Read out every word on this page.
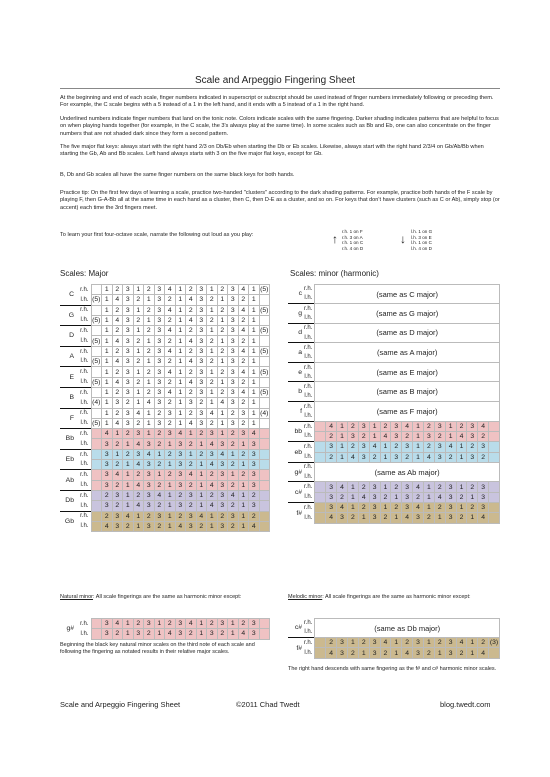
Scale and Arpeggio Fingering Sheet
At the beginning and end of each scale, finger numbers indicated in superscript or subscript should be used instead of finger numbers immediately following or preceding them. For example, the C scale begins with a 5 instead of a 1 in the left hand, and it ends with a 5 instead of a 1 in the right hand.
Underlined numbers indicate finger numbers that land on the tonic note. Colors indicate scales with the same fingering. Darker shading indicates patterns that are helpful to focus on when playing hands together (for example, in the C scale, the 3's always play at the same time). In some scales such as Bb and Eb, one can also concentrate on the finger numbers that are not shaded dark since they form a second pattern.
The five major flat keys: always start with the right hand 2/3 on Db/Eb when starting the Db or Eb scales. Likewise, always start with the right hand 2/3/4 on Gb/Ab/Bb when starting the Gb, Ab and Bb scales. Left hand always starts with 3 on the five major flat keys, except for Gb.
B, Db and Gb scales all have the same finger numbers on the same black keys for both hands.
Practice tip: On the first few days of learning a scale, practice two-handed "clusters" according to the dark shading patterns. For example, practice both hands of the F scale by playing F, then G-A-Bb all at the same time in each hand as a cluster, then C, then D-E as a cluster, and so on. For keys that don't have clusters (such as C or Ab), simply stop (or accent) each time the 3rd fingers meet.
To learn your first four-octave scale, narrate the following out loud as you play:	↑
r.h. 1 on F
r.h. 3 on A
r.h. 1 on C
r.h. 4 on D
↓
l.h. 1 on G
l.h. 3 on E
l.h. 1 on C
l.h. 4 on D
Scales: Major	Scales: minor (harmonic)
C	r.h.		1	2	3	1	2	3	4	1	2	3	1	2	3	4	1	(5)
	l.h.	(5)	1	4	3	2	1	3	2	1	4	3	2	1	3	2	1	
G	r.h.		1	2	3	1	2	3	4	1	2	3	1	2	3	4	1	(5)
	l.h.	(5)	1	4	3	2	1	3	2	1	4	3	2	1	3	2	1	
D	r.h.		1	2	3	1	2	3	4	1	2	3	1	2	3	4	1	(5)
	l.h.	(5)	1	4	3	2	1	3	2	1	4	3	2	1	3	2	1	
A	r.h.		1	2	3	1	2	3	4	1	2	3	1	2	3	4	1	(5)
	l.h.	(5)	1	4	3	2	1	3	2	1	4	3	2	1	3	2	1	
E	r.h.		1	2	3	1	2	3	4	1	2	3	1	2	3	4	1	(5)
	l.h.	(5)	1	4	3	2	1	3	2	1	4	3	2	1	3	2	1	
B	r.h.		1	2	3	1	2	3	4	1	2	3	1	2	3	4	1	(5)
	l.h.	(4)	1	3	2	1	4	3	2	1	3	2	1	4	3	2	1	
F	r.h.		1	2	3	4	1	2	3	1	2	3	4	1	2	3	1	(4)
	l.h.	(5)	1	4	3	2	1	3	2	1	4	3	2	1	3	2	1	
Bb	r.h.		4	1	2	3	1	2	3	4	1	2	3	1	2	3	4	
	l.h.		3	2	1	4	3	2	1	3	2	1	4	3	2	1	3	
Eb	r.h.		3	1	2	3	4	1	2	3	1	2	3	4	1	2	3	
	l.h.		3	2	1	4	3	2	1	3	2	1	4	3	2	1	3	
Ab	r.h.		3	4	1	2	3	1	2	3	4	1	2	3	1	2	3	
	l.h.		3	2	1	4	3	2	1	3	2	1	4	3	2	1	3	
Db	r.h.		2	3	1	2	3	4	1	2	3	1	2	3	4	1	2	
	l.h.		3	2	1	4	3	2	1	3	2	1	4	3	2	1	3	
Gb	r.h.		2	3	4	1	2	3	1	2	3	4	1	2	3	1	2	
	l.h.		4	3	2	1	3	2	1	4	3	2	1	3	2	1	4	
c	r.h.	(same as C major)																
	l.h.																	
g	r.h.	(same as G major)																
	l.h.																	
d	r.h.	(same as D major)																
	l.h.																	
a	r.h.	(same as A major)																
	l.h.																	
e	r.h.	(same as E major)																
	l.h.																	
b	r.h.	(same as B major)																
	l.h.																	
f	r.h.	(same as F major)																
	l.h.																	
bb	r.h.		4	1	2	3	1	2	3	4	1	2	3	1	2	3	4	
	l.h.		2	1	3	2	1	4	3	2	1	3	2	1	4	3	2	
eb	r.h.		3	1	2	3	4	1	2	3	1	2	3	4	1	2	3	
	l.h.		2	1	4	3	2	1	3	2	1	4	3	2	1	3	2	
g#	r.h.	(same as Ab major)																
	l.h.																	
c#	r.h.		3	4	1	2	3	1	2	3	4	1	2	3	1	2	3	
	l.h.		3	2	1	4	3	2	1	3	2	1	4	3	2	1	3	
f#	r.h.		3	4	1	2	3	1	2	3	4	1	2	3	1	2	3	
	l.h.		4	3	2	1	3	2	1	4	3	2	1	3	2	1	4	
Natural minor: All scale fingerings are the same as harmonic minor except:
g#	r.h.		3	4	1	2	3	1	2	3	4	1	2	3	1	2	3	
	l.h.		3	2	1	3	2	1	4	3	2	1	3	2	1	4	3	
Beginning the black key natural minor scales on the third note of each scale and following the fingering as notated results in their relative major scales.
Melodic minor: All scale fingerings are the same as harmonic minor except:
c#	r.h.	(same as Db major)																
	l.h.																	
f#	r.h.		2	3	1	2	3	4	1	2	3	1	2	3	4	1	2	(3)
	l.h.		4	3	2	1	3	2	1	4	3	2	1	3	2	1	4	
The right hand descends with same fingering as the f# and c# harmonic minor scales.
Scale and Arpeggio Fingering Sheet	©2011 Chad Twedt	blog.twedt.com
